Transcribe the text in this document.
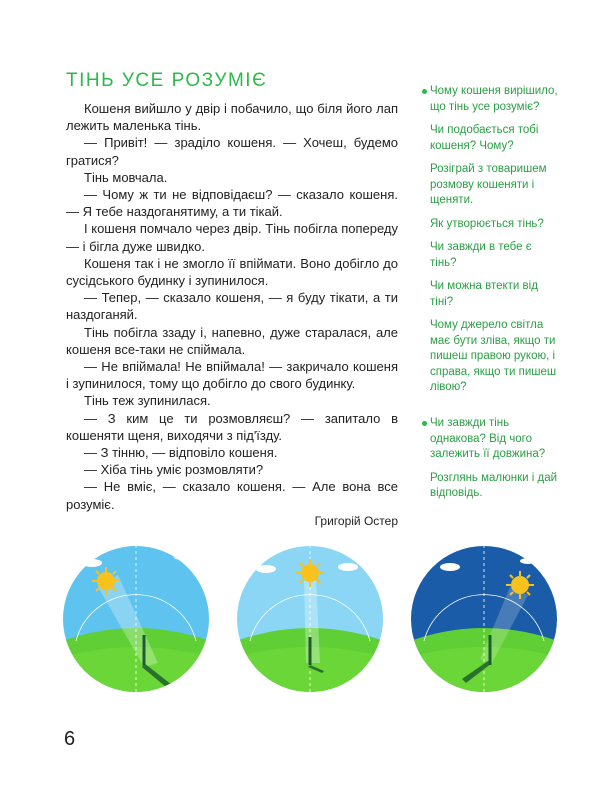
ТІНЬ УСЕ РОЗУМІЄ

Кошеня вийшло у двір і побачило, що біля його лап лежить маленька тінь.

— Привіт! — зраділо кошеня. — Хочеш, будемо гратися?

Тінь мовчала.

— Чому ж ти не відповідаєш? — сказало кошеня. — Я тебе наздоганятиму, а ти тікай.

І кошеня помчало через двір. Тінь побігла попереду — і бігла дуже швидко.

Кошеня так і не змогло її впіймати. Воно добігло до сусідського будинку і зупинилося.

— Тепер, — сказало кошеня, — я буду тікати, а ти наздоганяй.

Тінь побігла ззаду і, напевно, дуже старалася, але кошеня все-таки не спіймала.

— Не впіймала! Не впіймала! — закричало кошеня і зупинилося, тому що добігло до свого будинку.

Тінь теж зупинилася.

— З ким це ти розмовляєш? — запитало в кошеняти щеня, виходячи з під'їзду.

— З тінню, — відповіло кошеня.

— Хіба тінь уміє розмовляти?

— Не вміє, — сказало кошеня. — Але вона все розуміє.

Григорій Остер

Чому кошеня вирішило, що тінь усе розуміє?

Чи подобається тобі кошеня? Чому?

Розіграй з товаришем розмову кошеняти і щеняти.

Як утворюється тінь?

Чи завжди в тебе є тінь?

Чи можна втекти від тіні?

Чому джерело світла має бути зліва, якщо ти пишеш правою рукою, і справа, якщо ти пишеш лівою?

Чи завжди тінь однакова? Від чого залежить її довжина?

Розглянь малюнки і дай відповідь.

6
